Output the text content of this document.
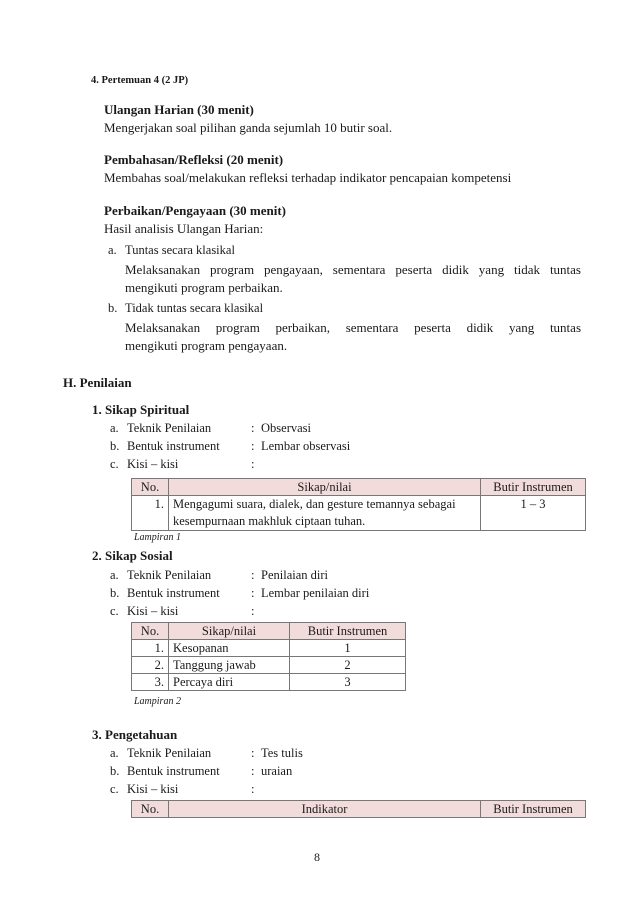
4. Pertemuan 4 (2 JP)
Ulangan Harian (30 menit)
Mengerjakan soal pilihan ganda sejumlah 10 butir soal.
Pembahasan/Refleksi (20 menit)
Membahas soal/melakukan refleksi terhadap indikator pencapaian kompetensi
Perbaikan/Pengayaan (30 menit)
Hasil analisis Ulangan Harian:
a. Tuntas secara klasikal
Melaksanakan program pengayaan, sementara peserta didik yang tidak tuntas
mengikuti program perbaikan.
b. Tidak tuntas secara klasikal
Melaksanakan program perbaikan, sementara peserta didik yang tuntas
mengikuti program pengayaan.
H. Penilaian
1. Sikap Spiritual
a. Teknik Penilaian	: Observasi
b. Bentuk instrument	: Lembar observasi
c. Kisi – kisi	:
No.	Sikap/nilai	Butir Instrumen
1.	Mengagumi suara, dialek, dan gesture temannya sebagai kesempurnaan makhluk ciptaan tuhan.	1 – 3
Lampiran 1
2. Sikap Sosial
a. Teknik Penilaian	: Penilaian diri
b. Bentuk instrument	: Lembar penilaian diri
c. Kisi – kisi	:
No.	Sikap/nilai	Butir Instrumen
1.	Kesopanan	1
2.	Tanggung jawab	2
3.	Percaya diri	3
Lampiran 2
3. Pengetahuan
a. Teknik Penilaian	: Tes tulis
b. Bentuk instrument	: uraian
c. Kisi – kisi	:
No.	Indikator	Butir Instrumen
8
